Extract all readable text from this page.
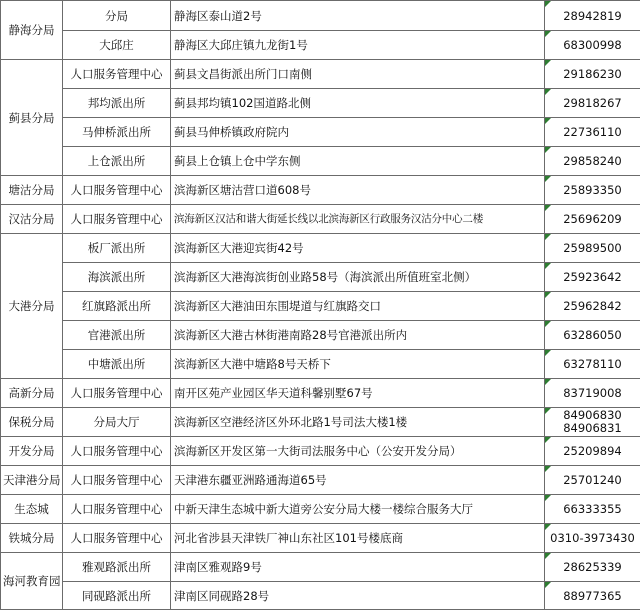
静海分局	分局	静海区泰山道2号	28942819
	大邱庄	静海区大邱庄镇九龙街1号	68300998
蓟县分局	人口服务管理中心	蓟县文昌街派出所门口南侧	29186230
	邦均派出所	蓟县邦均镇102国道路北侧	29818267
	马伸桥派出所	蓟县马伸桥镇政府院内	22736110
	上仓派出所	蓟县上仓镇上仓中学东侧	29858240
塘沽分局	人口服务管理中心	滨海新区塘沽营口道608号	25893350
汉沽分局	人口服务管理中心	滨海新区汉沽和谐大街延长线以北滨海新区行政服务汉沽分中心二楼	25696209
大港分局	板厂派出所	滨海新区大港迎宾街42号	25989500
	海滨派出所	滨海新区大港海滨街创业路58号（海滨派出所值班室北侧）	25923642
	红旗路派出所	滨海新区大港油田东围堤道与红旗路交口	25962842
	官港派出所	滨海新区大港古林街港南路28号官港派出所内	63286050
	中塘派出所	滨海新区大港中塘路8号天桥下	63278110
高新分局	人口服务管理中心	南开区苑产业园区华天道科馨别墅67号	83719008
保税分局	分局大厅	滨海新区空港经济区外环北路1号司法大楼1楼	84906830
84906831

开发分局	人口服务管理中心	滨海新区开发区第一大街司法服务中心（公安开发分局）	25209894
天津港分局	人口服务管理中心	天津港东疆亚洲路通海道65号	25701240
生态城	人口服务管理中心	中新天津生态城中新大道旁公安分局大楼一楼综合服务大厅	66333355
铁城分局	人口服务管理中心	河北省涉县天津铁厂神山东社区101号楼底商	0310-3973430
海河教育园	雅观路派出所	津南区雅观路9号	28625339
	同砚路派出所	津南区同砚路28号	88977365
